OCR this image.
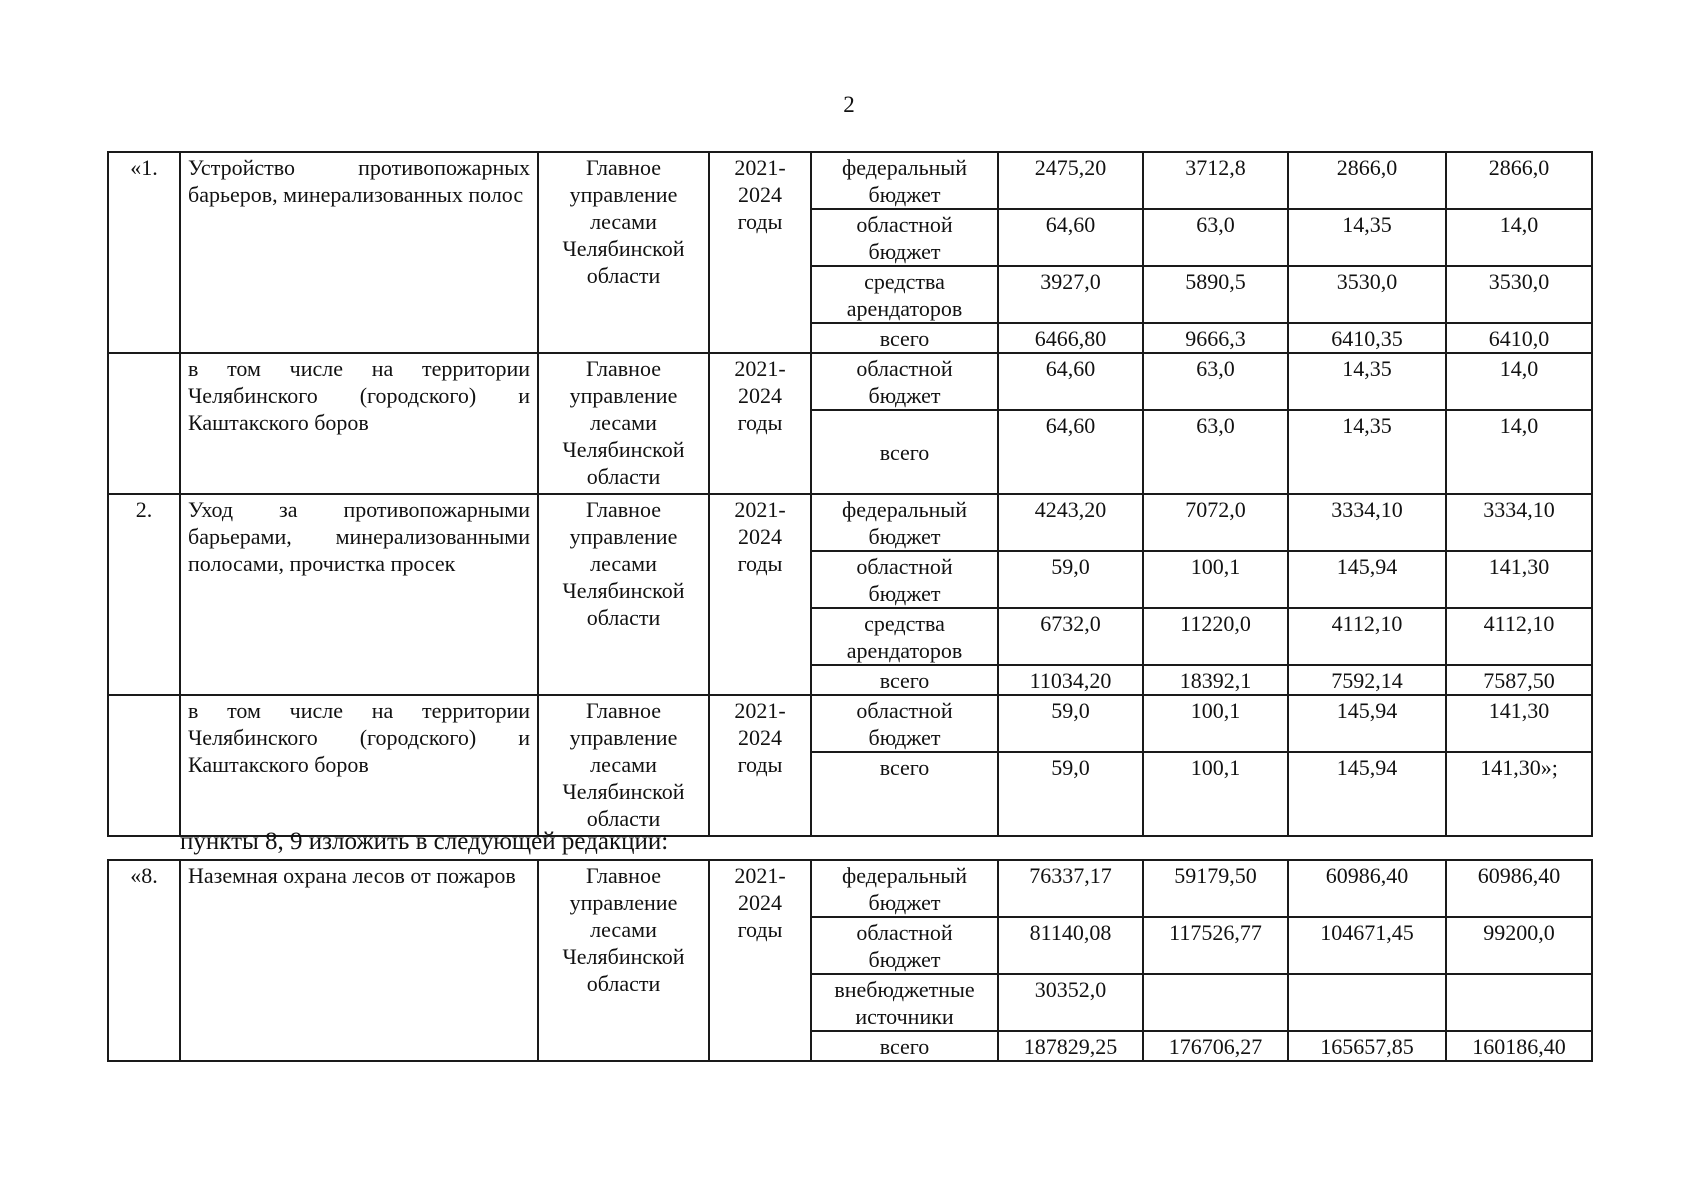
2
«1.	Устройство противопожарных барьеров, минерализованных полос	Главное управление лесами Челябинской области	2021-2024 годы	федеральный бюджет	2475,20	3712,8	2866,0	2866,0
				областной бюджет	64,60	63,0	14,35	14,0
				средства арендаторов	3927,0	5890,5	3530,0	3530,0
				всего	6466,80	9666,3	6410,35	6410,0
	в том числе на территории Челябинского (городского) и Каштакского боров	Главное управление лесами Челябинской области	2021-2024 годы	областной бюджет	64,60	63,0	14,35	14,0
				всего	64,60	63,0	14,35	14,0
2.	Уход за противопожарными барьерами, минерализованными полосами, прочистка просек	Главное управление лесами Челябинской области	2021-2024 годы	федеральный бюджет	4243,20	7072,0	3334,10	3334,10
				областной бюджет	59,0	100,1	145,94	141,30
				средства арендаторов	6732,0	11220,0	4112,10	4112,10
				всего	11034,20	18392,1	7592,14	7587,50
	в том числе на территории Челябинского (городского) и Каштакского боров	Главное управление лесами Челябинской области	2021-2024 годы	областной бюджет	59,0	100,1	145,94	141,30
				всего	59,0	100,1	145,94	141,30»;
пункты 8, 9 изложить в следующей редакции:
«8.	Наземная охрана лесов от пожаров	Главное управление лесами Челябинской области	2021-2024 годы	федеральный бюджет	76337,17	59179,50	60986,40	60986,40
				областной бюджет	81140,08	117526,77	104671,45	99200,0
				внебюджетные источники	30352,0			
				всего	187829,25	176706,27	165657,85	160186,40
